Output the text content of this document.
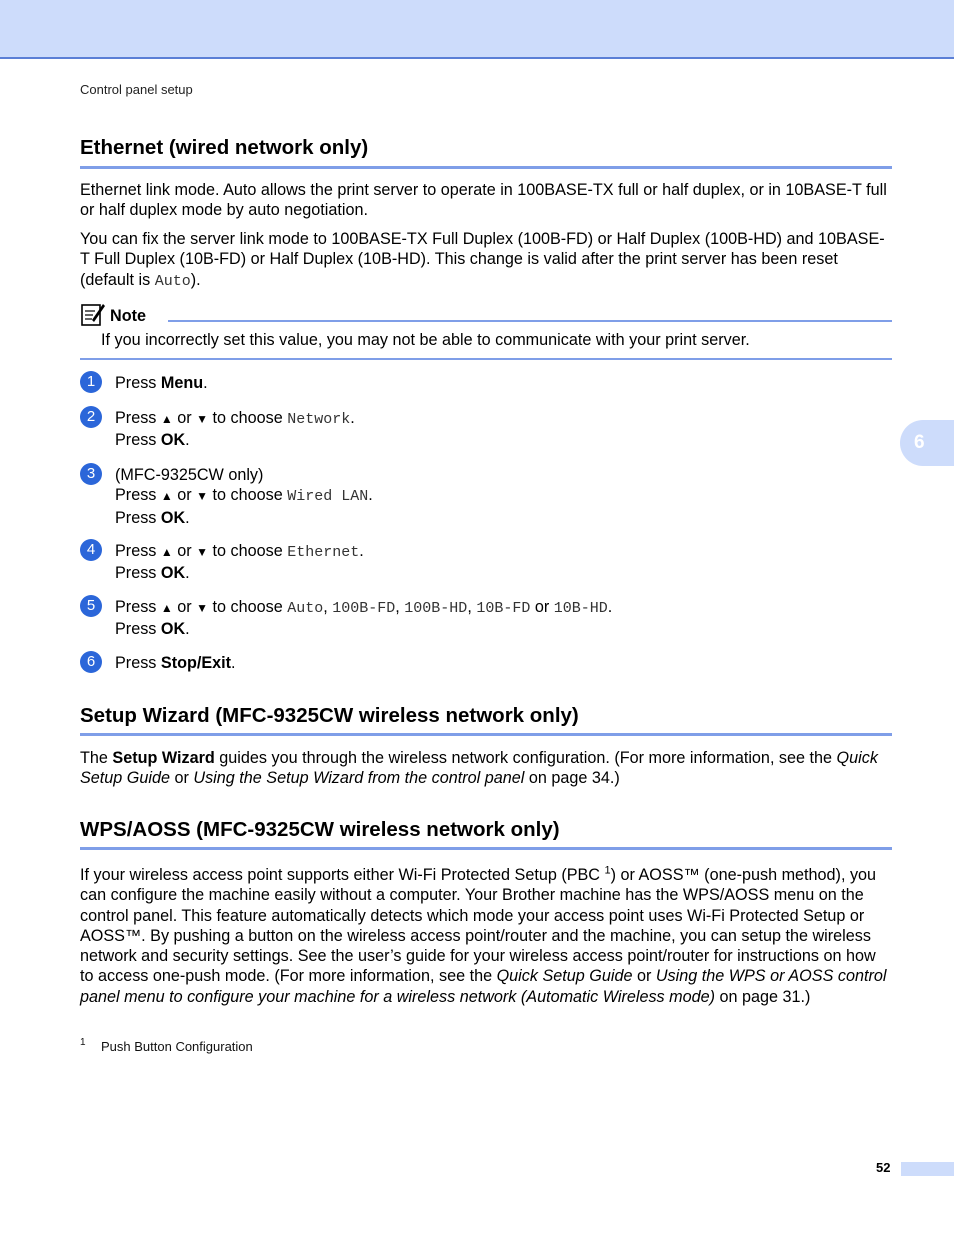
Control panel setup
6
Ethernet (wired network only)

Ethernet link mode. Auto allows the print server to operate in 100BASE-TX full or half duplex, or in 10BASE-T full or half duplex mode by auto negotiation.

You can fix the server link mode to 100BASE-TX Full Duplex (100B-FD) or Half Duplex (100B-HD) and 10BASE-T Full Duplex (10B-FD) or Half Duplex (10B-HD). This change is valid after the print server has been reset (default is Auto).

Note
If you incorrectly set this value, you may not be able to communicate with your print server.
1	Press Menu.
2	Press ▲ or ▼ to choose Network.
Press OK.
3	(MFC-9325CW only)
Press ▲ or ▼ to choose Wired LAN.
Press OK.
4	Press ▲ or ▼ to choose Ethernet.
Press OK.
5	Press ▲ or ▼ to choose Auto, 100B-FD, 100B-HD, 10B-FD or 10B-HD.
Press OK.
6	Press Stop/Exit.
Setup Wizard (MFC-9325CW wireless network only)

The Setup Wizard guides you through the wireless network configuration. (For more information, see the Quick Setup Guide or Using the Setup Wizard from the control panel on page 34.)

WPS/AOSS (MFC-9325CW wireless network only)

If your wireless access point supports either Wi-Fi Protected Setup (PBC $^1$) or AOSS™ (one-push method), you can configure the machine easily without a computer. Your Brother machine has the WPS/AOSS menu on the control panel. This feature automatically detects which mode your access point uses Wi-Fi Protected Setup or AOSS™. By pushing a button on the wireless access point/router and the machine, you can setup the wireless network and security settings. See the user’s guide for your wireless access point/router for instructions on how to access one-push mode. (For more information, see the Quick Setup Guide or Using the WPS or AOSS control panel menu to configure your machine for a wireless network (Automatic Wireless mode) on page 31.)

1 Push Button Configuration
52
